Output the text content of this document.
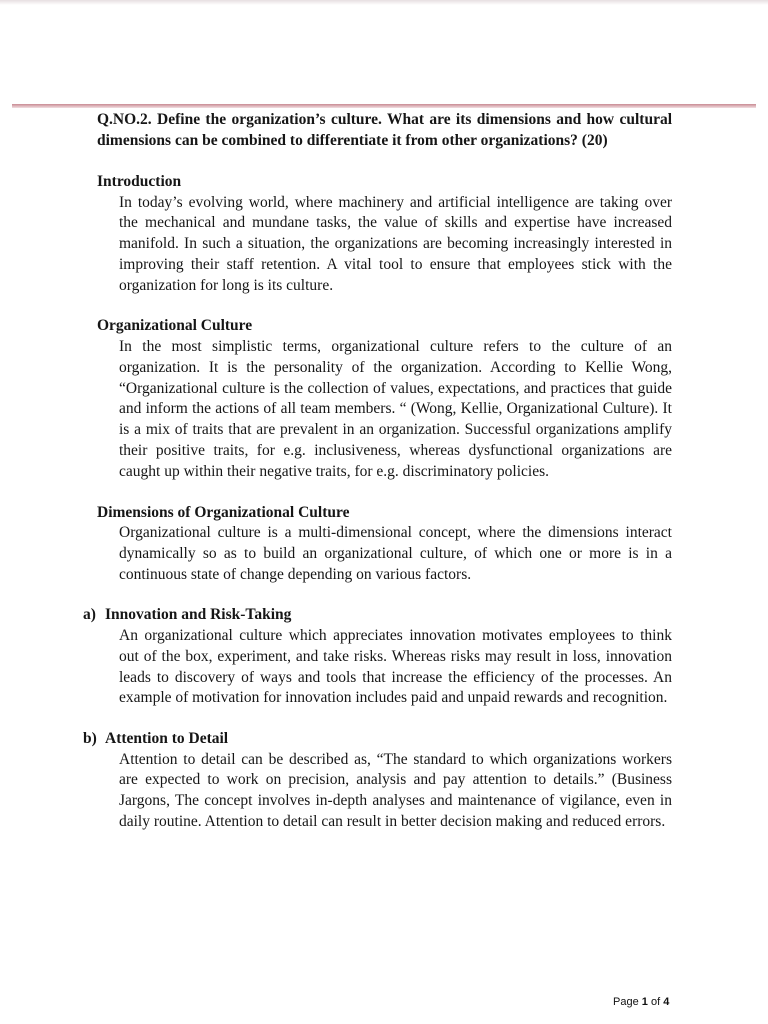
Q.NO.2. Define the organization’s culture. What are its dimensions and how cultural dimensions can be combined to differentiate it from other organizations? (20)

Introduction

In today’s evolving world, where machinery and artificial intelligence are taking over the mechanical and mundane tasks, the value of skills and expertise have increased manifold. In such a situation, the organizations are becoming increasingly interested in improving their staff retention. A vital tool to ensure that employees stick with the organization for long is its culture.

Organizational Culture

In the most simplistic terms, organizational culture refers to the culture of an organization. It is the personality of the organization. According to Kellie Wong, “Organizational culture is the collection of values, expectations, and practices that guide and inform the actions of all team members. “ (Wong, Kellie, Organizational Culture). It is a mix of traits that are prevalent in an organization. Successful organizations amplify their positive traits, for e.g. inclusiveness, whereas dysfunctional organizations are caught up within their negative traits, for e.g. discriminatory policies.

Dimensions of Organizational Culture

Organizational culture is a multi-dimensional concept, where the dimensions interact dynamically so as to build an organizational culture, of which one or more is in a continuous state of change depending on various factors.

a) Innovation and Risk-Taking

An organizational culture which appreciates innovation motivates employees to think out of the box, experiment, and take risks. Whereas risks may result in loss, innovation leads to discovery of ways and tools that increase the efficiency of the processes. An example of motivation for innovation includes paid and unpaid rewards and recognition.

b) Attention to Detail

Attention to detail can be described as, “The standard to which organizations workers are expected to work on precision, analysis and pay attention to details.” (Business Jargons, The concept involves in-depth analyses and maintenance of vigilance, even in daily routine. Attention to detail can result in better decision making and reduced errors.

Page 1 of 4
